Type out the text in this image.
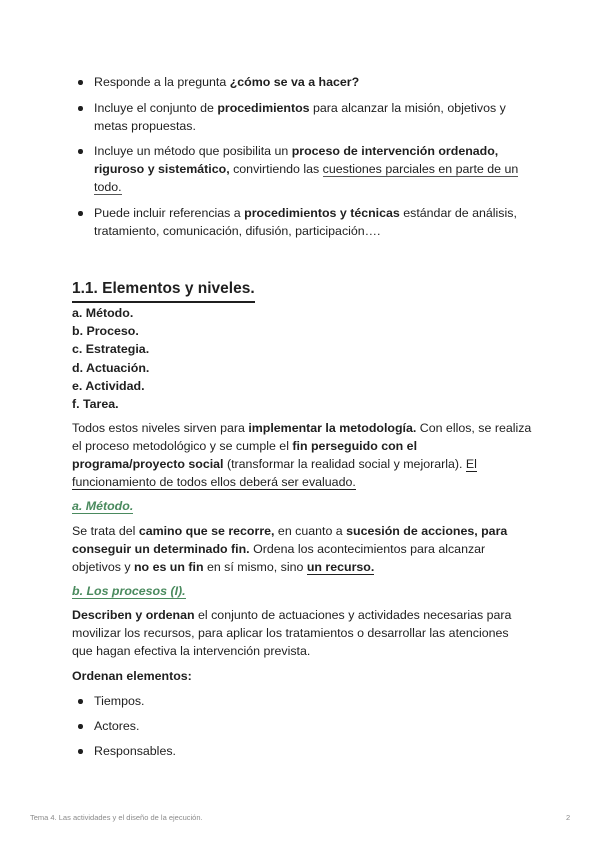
Responde a la pregunta ¿cómo se va a hacer?
Incluye el conjunto de procedimientos para alcanzar la misión, objetivos y metas propuestas.
Incluye un método que posibilita un proceso de intervención ordenado, riguroso y sistemático, convirtiendo las cuestiones parciales en parte de un todo.
Puede incluir referencias a procedimientos y técnicas estándar de análisis, tratamiento, comunicación, difusión, participación….
1.1. Elementos y niveles.
a. Método.
b. Proceso.
c. Estrategia.
d. Actuación.
e. Actividad.
f. Tarea.
Todos estos niveles sirven para implementar la metodología. Con ellos, se realiza el proceso metodológico y se cumple el fin perseguido con el programa/proyecto social (transformar la realidad social y mejorarla). El funcionamiento de todos ellos deberá ser evaluado.
a. Método.
Se trata del camino que se recorre, en cuanto a sucesión de acciones, para conseguir un determinado fin. Ordena los acontecimientos para alcanzar objetivos y no es un fin en sí mismo, sino un recurso.
b. Los procesos (I).
Describen y ordenan el conjunto de actuaciones y actividades necesarias para movilizar los recursos, para aplicar los tratamientos o desarrollar las atenciones que hagan efectiva la intervención prevista.
Ordenan elementos:
Tiempos.
Actores.
Responsables.
Tema 4. Las actividades y el diseño de la ejecución.	2
